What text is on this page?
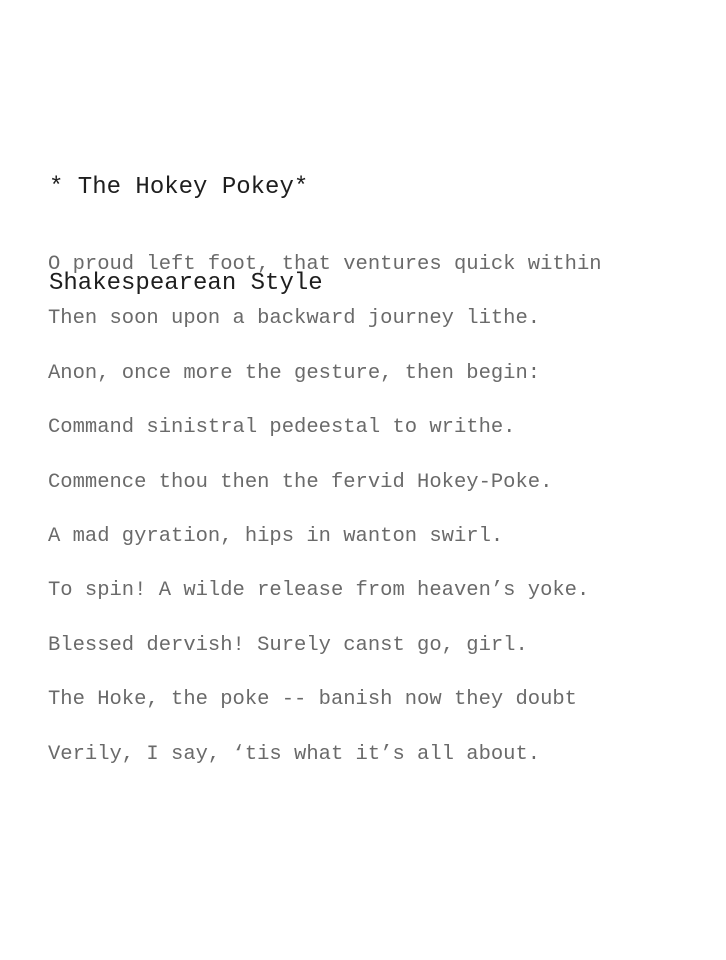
* The Hokey Pokey*

Shakespearean Style

O proud left foot, that ventures quick within
Then soon upon a backward journey lithe.
Anon, once more the gesture, then begin:
Command sinistral pedeestal to writhe.
Commence thou then the fervid Hokey-Poke.
A mad gyration, hips in wanton swirl.
To spin! A wilde release from heaven’s yoke.
Blessed dervish! Surely canst go, girl.
The Hoke, the poke -- banish now they doubt
Verily, I say, ‘tis what it’s all about.
